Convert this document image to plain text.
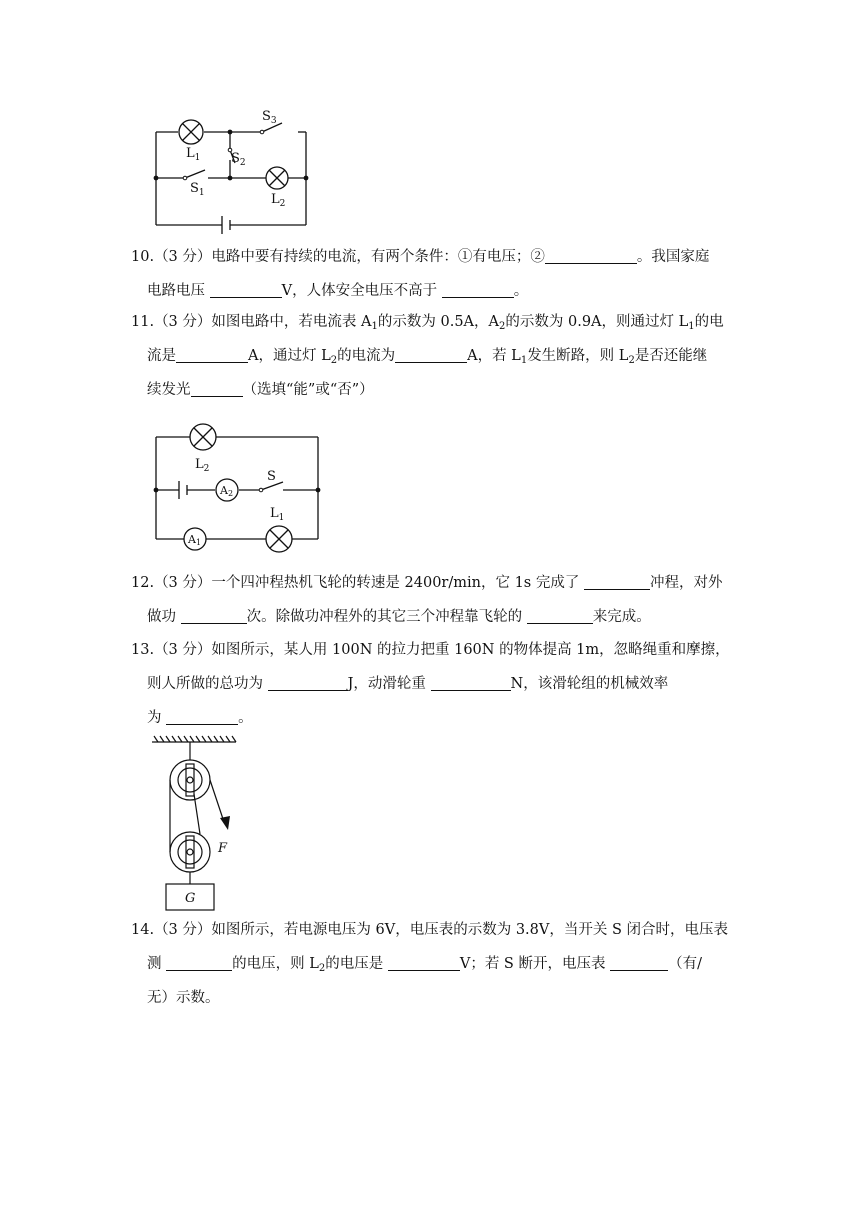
$L_1$
$S_3$
$S_2$
$S_1$	$L_2$
10.（3 分）电路中要有持续的电流，有两个条件：①有电压；②	。我国家庭
电路电压	V，人体安全电压不高于	。
11.（3 分）如图电路中，若电流表 $A_1$的示数为 0.5A，$A_2$的示数为 0.9A，则通过灯 $L_1$的电
流是	A，通过灯 $L_2$的电流为	A，若 $L_1$发生断路，则 $L_2$是否还能继
续发光	（选填“能”或“否”）
$L_2$	S
A2
$L_1$
A1
12.（3 分）一个四冲程热机飞轮的转速是 2400r/min，它 1s 完成了	冲程，对外
做功	次。除做功冲程外的其它三个冲程靠飞轮的	来完成。
13.（3 分）如图所示，某人用 100N 的拉力把重 160N 的物体提高 1m，忽略绳重和摩擦，
则人所做的总功为	J，动滑轮重	N，该滑轮组的机械效率
为	。
F
G
14.（3 分）如图所示，若电源电压为 6V，电压表的示数为 3.8V，当开关 S 闭合时，电压表
测	的电压，则 $L_2$的电压是	V；若 S 断开，电压表	（有/
无）示数。
